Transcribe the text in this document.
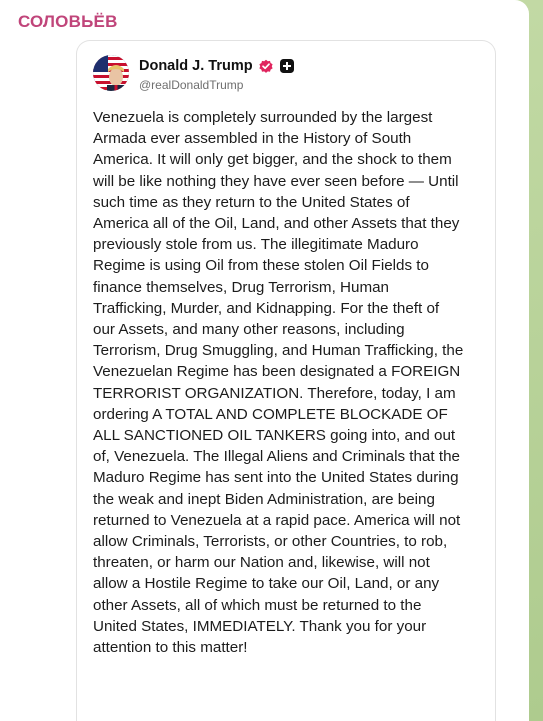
СОЛОВЬЁВ
Donald J. Trump
@realDonaldTrump
Venezuela is completely surrounded by the largest Armada ever assembled in the History of South America. It will only get bigger, and the shock to them will be like nothing they have ever seen before — Until such time as they return to the United States of America all of the Oil, Land, and other Assets that they previously stole from us. The illegitimate Maduro Regime is using Oil from these stolen Oil Fields to finance themselves, Drug Terrorism, Human Trafficking, Murder, and Kidnapping. For the theft of our Assets, and many other reasons, including Terrorism, Drug Smuggling, and Human Trafficking, the Venezuelan Regime has been designated a FOREIGN TERRORIST ORGANIZATION. Therefore, today, I am ordering A TOTAL AND COMPLETE BLOCKADE OF ALL SANCTIONED OIL TANKERS going into, and out of, Venezuela. The Illegal Aliens and Criminals that the Maduro Regime has sent into the United States during the weak and inept Biden Administration, are being returned to Venezuela at a rapid pace. America will not allow Criminals, Terrorists, or other Countries, to rob, threaten, or harm our Nation and, likewise, will not allow a Hostile Regime to take our Oil, Land, or any other Assets, all of which must be returned to the United States, IMMEDIATELY. Thank you for your attention to this matter!
